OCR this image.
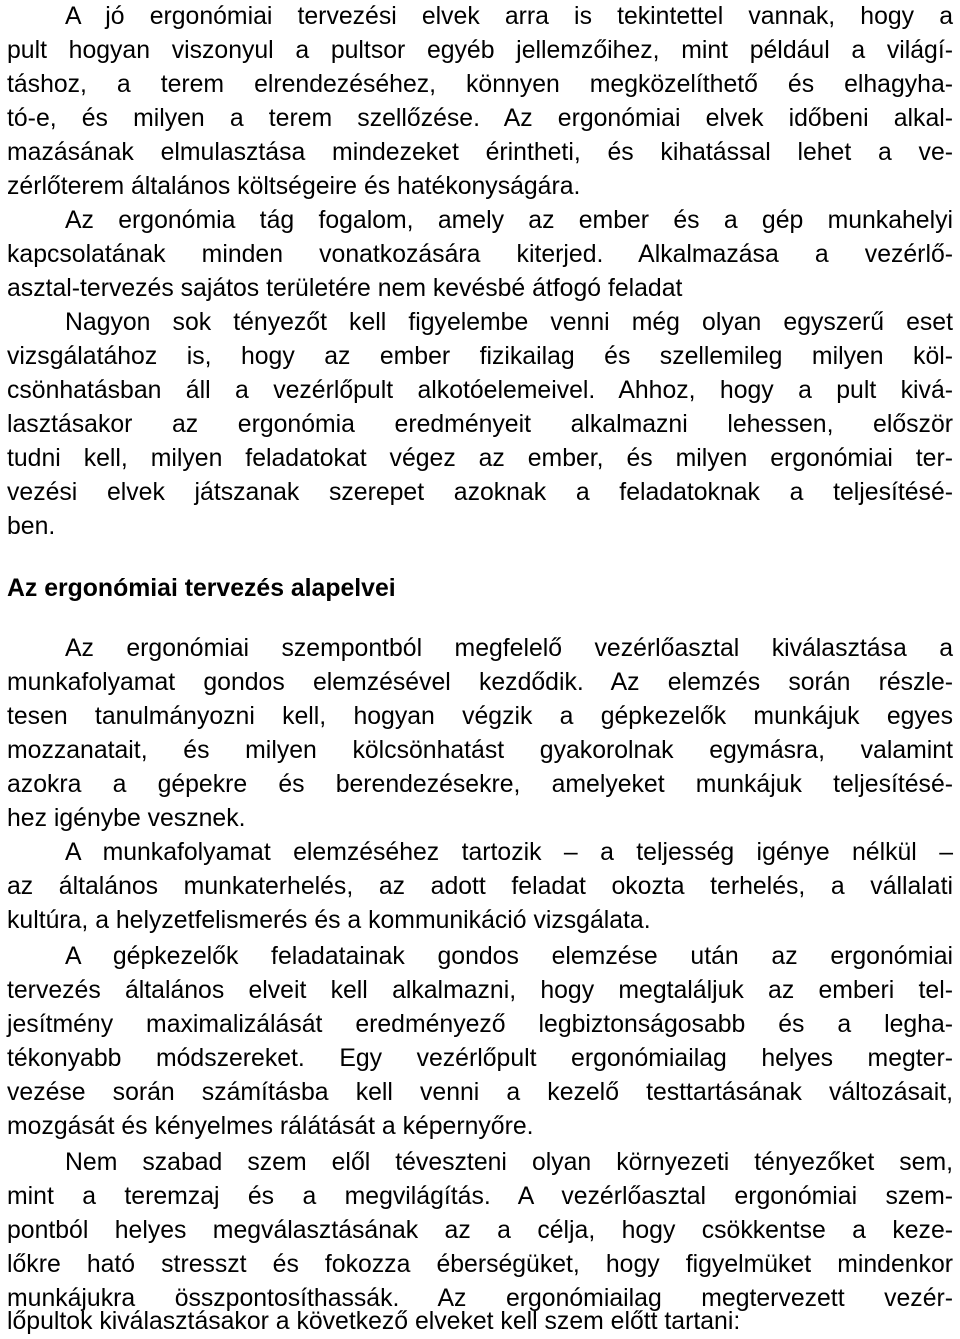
A jó ergonómiai tervezési elvek arra is tekintettel vannak, hogy a
pult hogyan viszonyul a pultsor egyéb jellemzőihez, mint például a világí-
táshoz, a terem elrendezéséhez, könnyen megközelíthető és elhagyha-
tó-e, és milyen a terem szellőzése. Az ergonómiai elvek időbeni alkal-
mazásának elmulasztása mindezeket érintheti, és kihatással lehet a ve-
zérlőterem általános költségeire és hatékonyságára.
Az ergonómia tág fogalom, amely az ember és a gép munkahelyi
kapcsolatának minden vonatkozására kiterjed. Alkalmazása a vezérlő-
asztal-tervezés sajátos területére nem kevésbé átfogó feladat
Nagyon sok tényezőt kell figyelembe venni még olyan egyszerű eset
vizsgálatához is, hogy az ember fizikailag és szellemileg milyen köl-
csönhatásban áll a vezérlőpult alkotóelemeivel. Ahhoz, hogy a pult kivá-
lasztásakor az ergonómia eredményeit alkalmazni lehessen, először
tudni kell, milyen feladatokat végez az ember, és milyen ergonómiai ter-
vezési elvek játszanak szerepet azoknak a feladatoknak a teljesítésé-
ben.
Az ergonómiai tervezés alapelvei
Az ergonómiai szempontból megfelelő vezérlőasztal kiválasztása a
munkafolyamat gondos elemzésével kezdődik. Az elemzés során részle-
tesen tanulmányozni kell, hogyan végzik a gépkezelők munkájuk egyes
mozzanatait, és milyen kölcsönhatást gyakorolnak egymásra, valamint
azokra a gépekre és berendezésekre, amelyeket munkájuk teljesítésé-
hez igénybe vesznek.
A munkafolyamat elemzéséhez tartozik – a teljesség igénye nélkül –
az általános munkaterhelés, az adott feladat okozta terhelés, a vállalati
kultúra, a helyzetfelismerés és a kommunikáció vizsgálata.
A gépkezelők feladatainak gondos elemzése után az ergonómiai
tervezés általános elveit kell alkalmazni, hogy megtaláljuk az emberi tel-
jesítmény maximalizálását eredményező legbiztonságosabb és a legha-
tékonyabb módszereket. Egy vezérlőpult ergonómiailag helyes megter-
vezése során számításba kell venni a kezelő testtartásának változásait,
mozgását és kényelmes rálátását a képernyőre.
Nem szabad szem elől téveszteni olyan környezeti tényezőket sem,
mint a teremzaj és a megvilágítás. A vezérlőasztal ergonómiai szem-
pontból helyes megválasztásának az a célja, hogy csökkentse a keze-
lőkre ható stresszt és fokozza éberségüket, hogy figyelmüket mindenkor
munkájukra összpontosíthassák. Az ergonómiailag megtervezett vezér-
lőpultok kiválasztásakor a következő elveket kell szem előtt tartani:
